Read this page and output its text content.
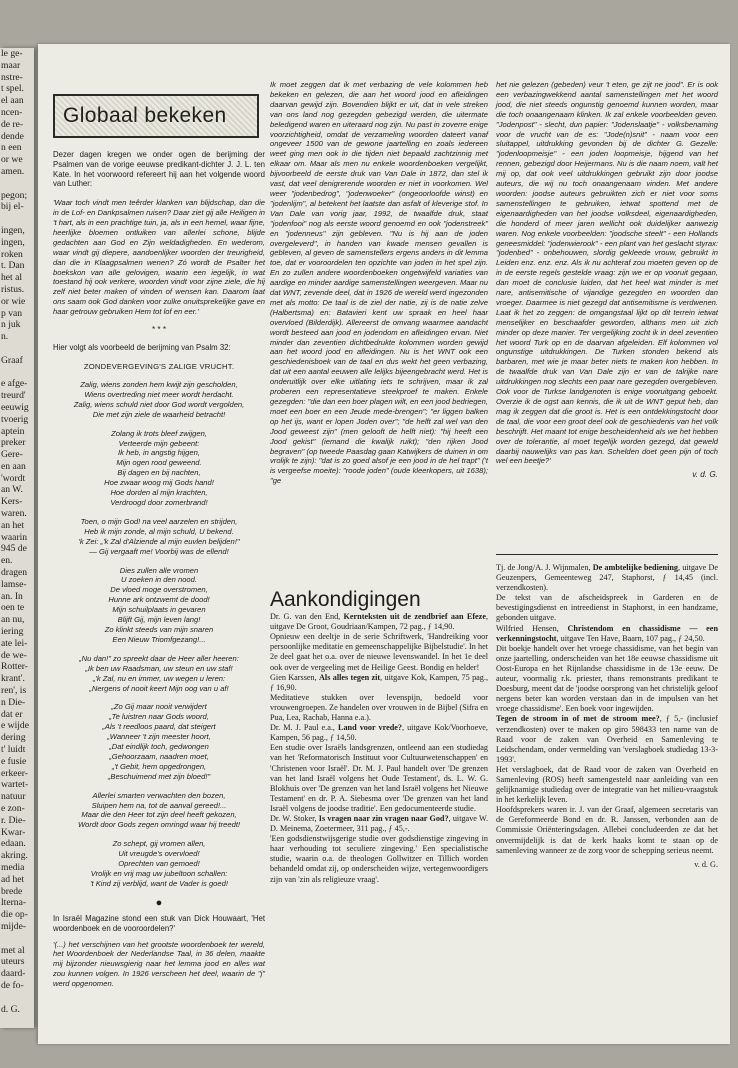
le ge-
maar
nstre-
t spel.
el aan
ncen-
de re-
dende
n een
or we
amen.

pegon;
bij el-

ingen,
ingen,
roken
t. Dan
het al
ristus.
or wie
p van
n juk
n.

Graaf

e afge-
treurd'
eeuwig
tvoerig
aptein
preker
Gere-
en aan
'wordt
an W.
Kers-
waren.
an het
waarin
945 de
en.
dragen
lamse-
an. In
oen te
an nu,
iering
ate lei-
de we-
Rotter-
krant'.
ren', is
n Die-
dat er
e wijde
dering
t' luidt
e fusie
erkeer-
wartet-
natuur
e zon-
r. Die-
Kwar-
edaan.
akring.
media
ad het
brede
lterna-
die op-
mijde-

met al
uteurs
daard-
de fo-

d. G.
Globaal bekeken

Dezer dagen kregen we onder ogen de berijming der Psalmen van de vorige eeuwse predikant-dichter J. J. L. ten Kate. In het voorwoord refereert hij aan het volgende woord van Luther:

'Waar toch vindt men teêrder klanken van blijdschap, dan die in de Lof- en Dankpsalmen ruisen? Daar ziet gij alle Heiligen in 't hart, als in een prachtige tuin, ja, als in een hemel, waar fijne, heerlijke bloemen ontluiken van allerlei schone, blijde gedachten aan God en Zijn weldadigheden. En wederom, waar vindt gij diepere, aandoenlijker woorden der treurigheid, dan die in Klaagpsalmen wenen? Zó wordt de Psalter het boekskon van alle gelovigen, waarin een iegelijk, in wat toestand hij ook verkere, woorden vindt voor zijne ziele, die hij zelf niet beter maken of vinden of wensen kan. Daarom laat ons saam ook God danken voor zulke onuitsprekelijke gave en haar getrouw gebruiken Hem tot lof en eer.'

* * *

Hier volgt als voorbeeld de berijming van Psalm 32:

ZONDEVERGEVING'S ZALIGE VRUCHT.

Zalig, wiens zonden hem kwijt zijn gescholden,
Wiens overtreding niet meer wordt herdacht.
Zalig, wiens schuld niet door God wordt vergolden,
Die met zijn ziele de waarheid betracht!

Zolang ik trots bleef zwijgen,
Verteerde mijn gebeent:
Ik heb, in angstig hijgen,
Mijn ogen rood geweend.
Bij dagen en bij nachten,
Hoe zwaar woog mij Gods hand!
Hoe dorden al mijn krachten,
Verdroogd door zomerbrand!

Toen, o mijn God! na veel aarzelen en strijden,
Heb ik mijn zonde, al mijn schuld, U bekend.
'k Zei: „'k Zal d'Alziende al mijn euvlen belijden!"
— Gij vergaaft me! Voorbij was de ellend!

Dies zullen alle vromen
U zoeken in den nood.
De vloed moge overstromen,
Hunne ark ontzwemt de dood!
Mijn schuilplaats in gevaren
Blijft Gij, mijn leven lang!
Zo klinkt steeds van mijn snaren
Een Nieuw Triomfgezang!...

„Nu dan!" zo spreekt daar de Heer aller heeren:
„Ik ben uw Raadsman, uw steun en uw staf!
„'k Zal, nu en immer, uw wegen u leren:
„Nergens of nooit keert Mijn oog van u af!

„Zo Gij maar nooit verwijdert
„Te luistren naar Gods woord,
„Als 't reedloos paard, dat steigert
„Wanneer 't zijn meester hoort,
„Dat eindlijk toch, gedwongen
„Gehoorzaam, naadren moet,
„'t Gebit, hem opgedrongen,
„Beschuimend met zijn bloed!"

Allerlei smarten verwachten den bozen,
Sluipen hem na, tot de aanval gereed!...
Maar die den Heer tot zijn deel heeft gekozen,
Wordt door Gods zegen omringd waar hij treedt!

Zo schept, gij vromen allen,
Uit vreugde's overvloed!
Oprechten van gemoed!
Vrolijk en vrij mag uw jubeltoon schallen:
't Kind zij verblijd, want de Vader is goed!

●

In Israël Magazine stond een stuk van Dick Houwaart, 'Het woordenboek en de vooroordelen?'

'(...) het verschijnen van het grootste woordenboek ter wereld, het Woordenboek der Nederlandse Taal, in 36 delen, maakte mij bijzonder nieuwsgierig naar het lemma jood en alles wat zou kunnen volgen. In 1926 verscheen het deel, waarin de "j" werd opgenomen.

Ik moet zeggen dat ik met verbazing de vele kolommen heb bekeken en gelezen, die aan het woord jood en afleidingen daarvan gewijd zijn. Bovendien blijkt er uit, dat in vele streken van ons land nog gezegden gebezigd werden, die uitermate beledigend waren en uiteraard nog zijn. Nu past in zoverre enige voorzichtigheid, omdat de verzameling woorden dateert vanaf ongeveer 1500 van de gewone jaartelling en zoals iedereen weet ging men ook in die tijden niet bepaald zachtzinnig met elkaar om. Maar als men nu enkele woordenboeken vergelijkt, bijvoorbeeld de eerste druk van Van Dale in 1872, dan stel ik vast, dat veel denigrerende woorden er niet in voorkomen. Wel weer "jodenbedrog", "jodenwoeker" (ongeoorloofde winst) en "jodenlijm", al betekent het laatste dan asfalt of kleverige stof. In Van Dale van vorig jaar, 1992, de twaalfde druk, staat "jodenfooi" nog als eerste woord genoemd en ook "jodenstreek" en "jodenneus" zijn gebleven. "Nu is hij aan de joden overgeleverd", in handen van kwade mensen gevallen is gebleven, al geven de samenstellers ergens anders in dit lemma toe, dat er vooroordelen ten opzichte van joden in het spel zijn. En zo zullen andere woordenboeken ongetwijfeld variaties van aardige en minder aardige samenstellingen weergeven. Maar nu dat WNT, zevende deel, dat in 1926 de wereld werd ingezonden met als motto: De taal is de ziel der natie, zij is de natie zelve (Halbertsma) en: Batavieri kent uw spraak en heel haar overvloed (Bilderdijk). Allereerst de omvang waarmee aandacht wordt besteed aan jood en jodendom en afleidingen ervan. Niet minder dan zeventien dichtbedrukte kolommen worden gewijd aan het woord jood en afleidingen. Nu is het WNT ook een geschiedenisboek van de taal en dus wekt het geen verbazing, dat uit een aantal eeuwen alle lelijks bijeengebracht werd. Het is onderuitlijk over elke uitlating iets te schrijven, maar ik zal proberen een representatieve steekproef te maken. Enkele gezegden: "die dan een boer plagen wilt, en een jood bedriegen, moet een boer en een Jeude mede-brengen"; "er liggen balken op het ijs, want er lopen Joden over"; "de helft zal wel van den Jood geweest zijn" (men gelooft de helft niet): "hij heeft een Jood gekist" (iemand die kwalijk ruikt); "den rijken Jood begraven" (op tweede Paasdag gaan Katwijkers de duinen in om vrolijk te zijn): "dat is zo goed alsof je een jood in de hel trapt" ('t is vergeefse moeite): "roode joden" (oude kleerkopers, uit 1638); "ge

het nie gelezen (gebeden) veur 't eten, ge zijt ne jood". Er is ook een verbazingwekkend aantal samenstellingen met het woord jood, die niet steeds ongunstig genoemd kunnen worden, maar die toch onaangenaam klinken. Ik zal enkele voorbeelden geven. "Jodenpost" - slecht, dun papier: "Jodenslaatje" - volksbenaming voor de vrucht van de es: "Jode(n)snit" - naam voor een sluitappel, uitdrukking gevonden bij de dichter G. Gezelle: "jodenloopmeisje" - een joden loopmeisje, hijgend van het rennen, gebezigd door Heijermans. Nu is die naam noem, valt het mij op, dat ook veel uitdrukkingen gebruikt zijn door joodse auteurs, die wij nu toch onaangenaam vinden. Met andere woorden: joodse auteurs gebruikten zich er niet voor soms samenstellingen te gebruiken, ietwat spottend met de eigenaardigheden van het joodse volksdeel, eigenaardigheden, die honderd of meer jaren wellicht ook duidelijker aanwezig waren. Nog enkele voorbeelden: "joodsche steelt" - een Hollands geneesmiddel: "jodenwierook" - een plant van het geslacht styrax: "jodenbed" - onbehouwen, slordig gekleede vrouw, gebruikt in Leiden enz. enz. enz. Als ik nu achteraf zou moeten geven op de in de eerste regels gestelde vraag: zijn we er op vooruit gegaan, dan moet de conclusie luiden, dat het heel wat minder is met nare, antisemitische of vijandige gezegden en woorden dan vroeger. Daarmee is niet gezegd dat antisemitisme is verdwenen. Laat ik het zo zeggen: de omgangstaal lijkt op dit terrein ietwat menselijker en beschaafder geworden, althans men uit zich minder op deze manier. Ter vergelijking zocht ik in deel zeventien het woord Turk op en de daarvan afgeleiden. Elf kolommen vol ongunstige uitdrukkingen. De Turken stonden bekend als barbaren, met wie je maar beter niets te maken kon hebben. In de twaalfde druk van Van Dale zijn er van de talrijke nare uitdrukkingen nog slechts een paar nare gezegden overgebleven. Ook voor de Turkse landgenoten is enige vooruitgang geboekt. Overzie ik de ogst aan kennis, die ik uit de WNT geput heb, dan mag ik zeggen dat die groot is. Het is een ontdekkingstocht door de taal, die voor een groot deel ook de geschiedenis van het volk beschrijft. Het maant tot enige bescheidenheid als we het hebben over de tolerantie, al moet tegelijk worden gezegd, dat geweld daarbij nauwelijks van pas kan. Schelden doet geen pijn of toch wel een beetje?'

v. d. G.

Aankondigingen

Dr. G. van den End, Kernteksten uit de zendbrief aan Efeze, uitgave De Groot, Goudriaan/Kampen, 72 pag., ƒ 14,90.

Opnieuw een deeltje in de serie Schriftwerk, 'Handreiking voor persoonlijke meditatie en gemeenschappelijke Bijbelstudie'. In het 2e deel gaat het o.a. over de nieuwe levenswandel. In het 1e deel ook over de vergeeling met de Heilige Geest. Bondig en helder!

Gien Karssen, Als alles tegen zit, uitgave Kok, Kampen, 75 pag., ƒ 16,90.

Meditatieve stukken over levenspijn, bedoeld voor vrouwengroepen. Ze handelen over vrouwen in de Bijbel (Sifra en Pua, Lea, Rachab, Hanna e.a.).

Dr. M. J. Paul e.a., Land voor vrede?, uitgave Kok/Voorhoeve, Kampen, 56 pag., ƒ 14,50.

Een studie over Israëls landsgrenzen, ontleend aan een studiedag van het 'Reformatorisch Instituut voor Cultuurwetenschappen' en 'Christenen voor Israël'. Dr. M. J. Paul handelt over 'De grenzen van het land Israël volgens het Oude Testament', ds. L. W. G. Blokhuis over 'De grenzen van het land Israël volgens het Nieuwe Testament' en dr. P. A. Siebesma over 'De grenzen van het land Israël volgens de joodse traditie'. Een gedocumenteerde studie.

Dr. W. Stoker, Is vragen naar zin vragen naar God?, uitgave W. D. Meinema, Zoetermeer, 311 pag., ƒ 45,-.

'Een godsdienstwijsgerige studie over godsdienstige zingeving in haar verhouding tot seculiere zingeving.' Een specialistische studie, waarin o.a. de theologen Gollwitzer en Tillich worden behandeld omdat zij, op onderscheiden wijze, vertegenwoordigers zijn van 'zin als religieuze vraag'.

Tj. de Jong/A. J. Wijnmalen, De ambtelijke bediening, uitgave De Geuzenpers, Gemeenteweg 247, Staphorst, ƒ 14,45 (incl. verzendkosten).

De tekst van de afscheidspreek in Garderen en de bevestigingsdienst en intreedienst in Staphorst, in een handzame, gebonden uitgave.

Wilfried Hensen, Christendom en chassidisme — een verkenningstocht, uitgave Ten Have, Baarn, 107 pag., ƒ 24,50.

Dit boekje handelt over het vroege chassidisme, van het begin van onze jaartelling, onderscheiden van het 18e eeuwse chassidisme uit Oost-Europa en het Rijnlandse chassidisme in de 13e eeuw. De auteur, voormalig r.k. priester, thans remonstrants predikant te Doesburg, meent dat de 'joodse oorsprong van het christelijk geloof nergens beter kan worden verstaan dan in de impulsen van het vroege chassidisme'. Een boek voor ingewijden.

Tegen de stroom in of met de stroom mee?, ƒ 5,- (inclusief verzendkosten) over te maken op giro 598433 ten name van de Raad voor de zaken van Overheid en Samenleving te Leidschendam, onder vermelding van 'verslagboek studiedag 13-3-1993'.

Het verslagboek, dat de Raad voor de zaken van Overheid en Samenleving (ROS) heeft samengesteld naar aanleiding van een gelijknamige studiedag over de integratie van het milieu-vraagstuk in het kerkelijk leven.

Hoofdsprekers waren ir. J. van der Graaf, algemeen secretaris van de Gereformeerde Bond en dr. R. Janssen, verbonden aan de Commissie Oriënteringsdagen. Allebei concludeerden ze dat het onvermijdelijk is dat de kerk haaks komt te staan op de samenleving wanneer ze de zorg voor de schepping serieus neemt.

v. d. G.
